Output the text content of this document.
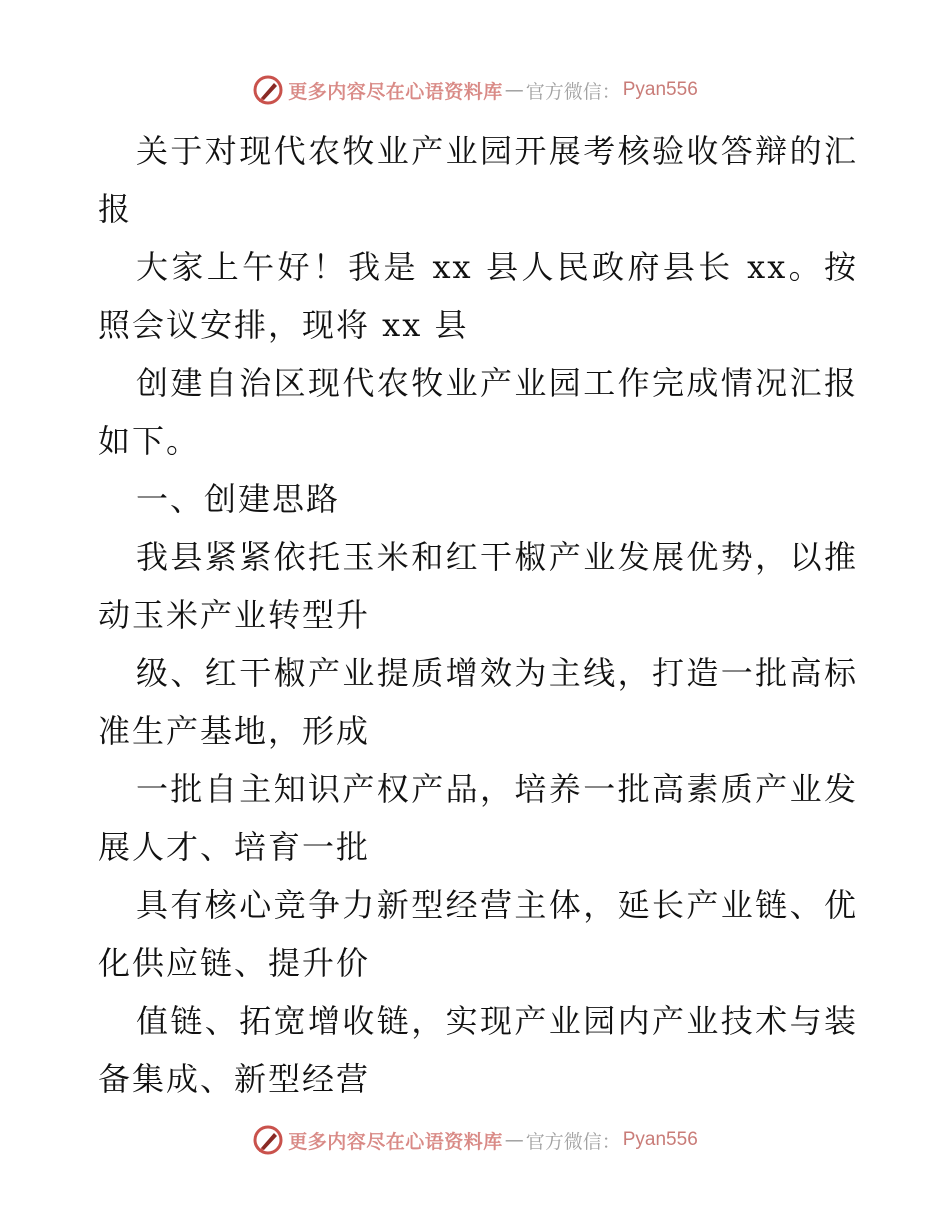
更多内容尽在心语资料库 — 官方微信： Pyan556

关于对现代农牧业产业园开展考核验收答辩的汇报

大家上午好！我是 xx 县人民政府县长 xx。按照会议安排，现将 xx 县

创建自治区现代农牧业产业园工作完成情况汇报如下。

一、创建思路

我县紧紧依托玉米和红干椒产业发展优势，以推动玉米产业转型升

级、红干椒产业提质增效为主线，打造一批高标准生产基地，形成

一批自主知识产权产品，培养一批高素质产业发展人才、培育一批

具有核心竞争力新型经营主体，延长产业链、优化供应链、提升价

值链、拓宽增收链，实现产业园内产业技术与装备集成、新型经营

更多内容尽在心语资料库 — 官方微信： Pyan556
